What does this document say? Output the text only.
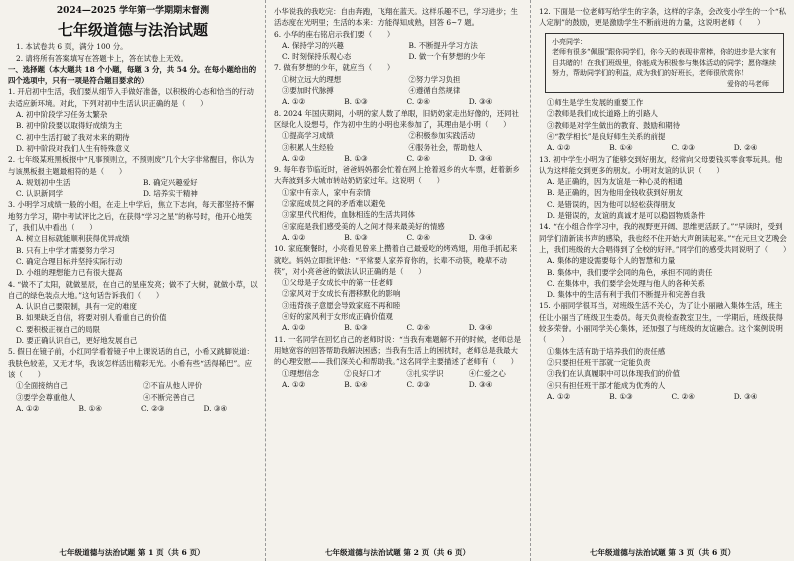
2024—2025 学年第一学期期末督测
七年级道德与法治试题
1. 本试卷共 6 页，满分 100 分。
2. 请将所有答案填写在答题卡上，答在试卷上无效。
一、选择题（本大题共 18 个小题，每题 3 分，共 54 分。在每小题给出的四个选项中，只有一项是符合题目要求的）
1. 开启初中生活，我们要从细节入手做好准备，以积极的心态和恰当的行动去适应新环境。对此，下列对初中生活认识正确的是（　　）
A. 初中阶段学习任务太繁杂
B. 初中阶段要以取得好成绩为主
C. 初中生活打破了我对未来的期待
D. 初中阶段对我们人生有特殊意义
2. 七年级某班黑板报中“凡事预则立，不预则废”几个大字非常醒目，你认为与该黑板报主题最相符的是（　　）
A. 规划初中生活	B. 确定兴趣爱好
C. 认识新同学	D. 培养实干精神
3. 小明学习成绩一般的小组，在走上中学后，焦立下志向，每天都坚持不懈地努力学习，期中考试评比之后，在获得“学习之星”的称号时，他开心地笑了，我们从中看出（　　）
A. 树立目标就能顺利获得优异成绩
B. 只有上中学才需要努力学习
C. 确定合理目标并坚持实际行动
D. 小组的理想能力已有很大提高
4. “做不了太阳，就做星辰，在自己的星座发亮；做不了大树，就做小草，以自己的绿色装点大地。”这句话告诉我们（　　）
A. 认识自己要限制，具有一定的难度
B. 如果缺乏自信，将要对别人看重自己的价值
C. 要积极正视自己的局限
D. 要正确认识自己，更好地发展自己
5. 假日在镜子前，小红同学看着镜子中上课说话的自己，小希又跳脚说道：我肤色较差，又无才华，我该怎样活出精彩无光。小希有些“活得稀巴”。应该（　　）
①全面接纳自己	②不盲从他人评价
③要学会尊重他人	④不断完善自己
A. ①②	B. ①④	C. ②③	D. ③④
七年级道德与法治试题 第 1 页（共 6 页）
小华说我的我吃完：自由奔跑，飞翔在蓝天。这样乐趣不已，学习进步；生活态度在光明里；生活的本来：方能得知成熟，回答 6~7 题。
6. 小华的座右铭启示我们要（　　）
A. 保持学习的兴趣	B. 不断提升学习方法
C. 时刻保持乐观心态	D. 做一个有梦想的少年
7. 做有梦想的少年，就应当（　　）
①树立远大的理想	②努力学习负担
③要加时代脉搏	④遵循自然规律
A. ①②	B. ①③	C. ②④	D. ③④
8. 2024 年国庆期间，小明的家人数了单眼，旧奶奶家走出好像的，还同社区绿化人设想号，作为初中生的小明也来参加了，其理由是小明（　　）
①提高学习成绩	②积极参加实践活动
③积累人生经验	④服务社会，帮助他人
A. ①②	B. ①③	C. ②④	D. ③④
9. 每年春节临近时，爸爸妈妈都会忙着在网上抢着返乡的火车票，赶着新乡大奔波到多大城市转站奶奶家过年。这说明（　　）
①家中有亲人，家中有亲情
②家庭成员之间的矛盾难以避免
③家里代代相传，血脉相连的生活共同体
④家庭是我们感受美的人之间才得来最美好的情感
A. ①②	B. ①③	C. ②④	D. ③④
10. 家庭聚餐时，小亮看见曾来上攒着自己最爱吃的烤鸡翅，用他手抓起来就吃。妈妈立即批评他：“平常要人家养育你的，长辈不动筷，晚辈不动筷”，对小亮爸爸的做法认识正确的是（　　）
①父母是子女成长中的第一任老师
②家风对于女成长有潜移默化的影响
③违背孩子意愿会导致家庭不再和睦
④好的家风利于女形成正确价值观
A. ①②	B. ①③	C. ②④	D. ③④
11. 一名同学在回忆自己的老师时说：“当我有难题解不开的时候，老师总是用她宽容的回答帮助我解决困惑；当我有生活上的困扰时，老师总是我最大的心理安慰——我们深关心和帮助我。”这名同学主要描述了老师有（　　）
①理想信念	②良好口才	③扎实学识	④仁爱之心
A. ①②	B. ①④	C. ②③	D. ③④
七年级道德与法治试题 第 2 页（共 6 页）
12. 下面是一位老师写给学生的字条，这样的字条，会改变小学生的一个“私人定制”的鼓励，更是激励学生不断前进的力量，这说明老师（　　）
小亮同学：
老师有很多“佩服”跟你同学们，你今天的表现非常棒，你的进步是大家有目共睹的！在我们班级里，你能成为积极参与集体活动的同学；愿你继续努力，帮助同学们的利益，成为我们的好班长，老师很欣赏你！
爱你的马老师
①师生是学生发展的重要工作
②教师是我们成长道路上的引路人
③教师是对学生做出的教育、鼓励和期待
④“教学相长”是良好师生关系的前提
A. ①②	B. ①④	C. ②③	D. ②④
13. 初中学生小明为了能够交到好朋友，经常向父母要钱买零食零玩具。他认为这样能交到更多的朋友。小明对友谊的认识（　　）
A. 是正确的，因为友谊是一种心灵的相通
B. 是正确的，因为他用金钱收获到好朋友
C. 是错误的，因为他可以轻松获得朋友
D. 是错误的，友谊的真诚才是可以稳固物质条件
14. “在小组合作学习中，我的视野更开阔、思维更活跃了。”“早读时，受到同学们清新读书声的感染，我也经不住开始大声朗读起来。”“在元旦文艺晚会上，我们班级的大合唱得到了全校的好评。”同学们的感受共同说明了（　　）
A. 集体的建设需要每个人的智慧和力量
B. 集体中，我们要学会同的角色，承担不同的责任
C. 在集体中，我们要学会处理与他人的各种关系
D. 集体中的生活有利于我们不断提升和完善自我
15. 小丽同学很耳当，对班级生活不关心，为了让小丽融入集体生活，班主任让小丽当了班级卫生委员。每天负责检查教室卫生，一学期后，班级获得较多荣誉。小丽同学关心集体，还加强了与班级的友谊融合。这个案例说明（　　）
①集体生活有助于培养我们的责任感
②只要担任班干部就一定能负责
③我们在认真履职中可以体现我们的价值
④只有担任班干部才能成为优秀的人
A. ①②	B. ①③	C. ②④	D. ③④
七年级道德与法治试题 第 3 页（共 6 页）
